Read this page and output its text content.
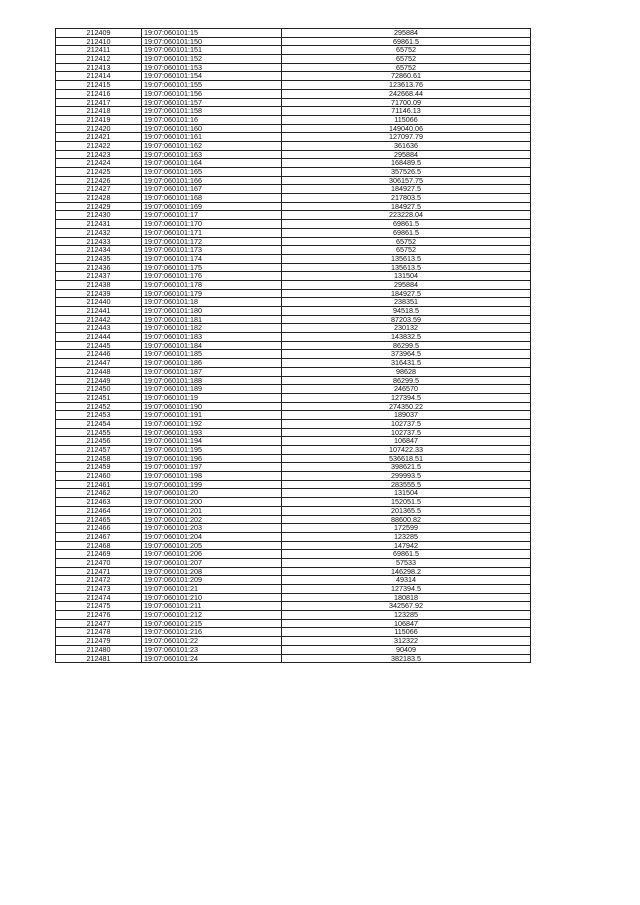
212409	19:07:060101:15	295884
212410	19:07:060101:150	69861.5
212411	19:07:060101:151	65752
212412	19:07:060101:152	65752
212413	19:07:060101:153	65752
212414	19:07:060101:154	72860.61
212415	19:07:060101:155	123613.76
212416	19:07:060101:156	242668.44
212417	19:07:060101:157	71700.09
212418	19:07:060101:158	71146.13
212419	19:07:060101:16	115066
212420	19:07:060101:160	149040.06
212421	19:07:060101:161	127097.79
212422	19:07:060101:162	361636
212423	19:07:060101:163	295884
212424	19:07:060101:164	168489.5
212425	19:07:060101:165	357526.5
212426	19:07:060101:166	306157.75
212427	19:07:060101:167	184927.5
212428	19:07:060101:168	217803.5
212429	19:07:060101:169	184927.5
212430	19:07:060101:17	223228.04
212431	19:07:060101:170	69861.5
212432	19:07:060101:171	69861.5
212433	19:07:060101:172	65752
212434	19:07:060101:173	65752
212435	19:07:060101:174	135613.5
212436	19:07:060101:175	135613.5
212437	19:07:060101:176	131504
212438	19:07:060101:178	295884
212439	19:07:060101:179	184927.5
212440	19:07:060101:18	238351
212441	19:07:060101:180	94518.5
212442	19:07:060101:181	87203.59
212443	19:07:060101:182	230132
212444	19:07:060101:183	143832.5
212445	19:07:060101:184	86299.5
212446	19:07:060101:185	373964.5
212447	19:07:060101:186	316431.5
212448	19:07:060101:187	98628
212449	19:07:060101:188	86299.5
212450	19:07:060101:189	246570
212451	19:07:060101:19	127394.5
212452	19:07:060101:190	274350.22
212453	19:07:060101:191	189037
212454	19:07:060101:192	102737.5
212455	19:07:060101:193	102737.5
212456	19:07:060101:194	106847
212457	19:07:060101:195	107422.33
212458	19:07:060101:196	536618.51
212459	19:07:060101:197	398621.5
212460	19:07:060101:198	299993.5
212461	19:07:060101:199	283555.5
212462	19:07:060101:20	131504
212463	19:07:060101:200	152051.5
212464	19:07:060101:201	201365.5
212465	19:07:060101:202	88600.82
212466	19:07:060101:203	172599
212467	19:07:060101:204	123285
212468	19:07:060101:205	147942
212469	19:07:060101:206	69861.5
212470	19:07:060101:207	57533
212471	19:07:060101:208	146298.2
212472	19:07:060101:209	49314
212473	19:07:060101:21	127394.5
212474	19:07:060101:210	180818
212475	19:07:060101:211	342567.92
212476	19:07:060101:212	123285
212477	19:07:060101:215	106847
212478	19:07:060101:216	115066
212479	19:07:060101:22	312322
212480	19:07:060101:23	90409
212481	19:07:060101:24	382183.5
